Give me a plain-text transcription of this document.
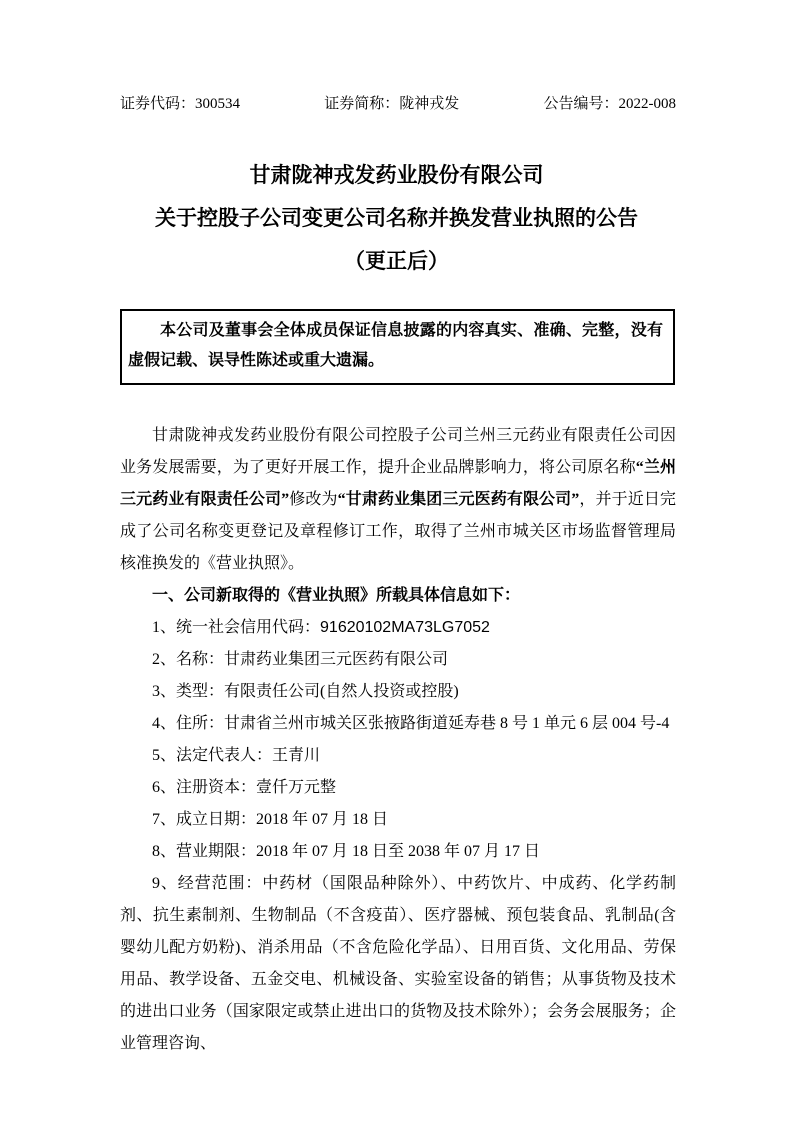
证券代码：300534	证券简称：陇神戎发	公告编号：2022-008
甘肃陇神戎发药业股份有限公司
关于控股子公司变更公司名称并换发营业执照的公告
（更正后）

本公司及董事会全体成员保证信息披露的内容真实、准确、完整，没有虚假记载、误导性陈述或重大遗漏。

甘肃陇神戎发药业股份有限公司控股子公司兰州三元药业有限责任公司因业务发展需要，为了更好开展工作，提升企业品牌影响力，将公司原名称“兰州三元药业有限责任公司”修改为“甘肃药业集团三元医药有限公司”，并于近日完成了公司名称变更登记及章程修订工作，取得了兰州市城关区市场监督管理局核准换发的《营业执照》。

一、公司新取得的《营业执照》所载具体信息如下：

1、统一社会信用代码：91620102MA73LG7052

2、名称：甘肃药业集团三元医药有限公司

3、类型：有限责任公司(自然人投资或控股)

4、住所：甘肃省兰州市城关区张掖路街道延寿巷 8 号 1 单元 6 层 004 号-4

5、法定代表人：王青川

6、注册资本：壹仟万元整

7、成立日期：2018 年 07 月 18 日

8、营业期限：2018 年 07 月 18 日至 2038 年 07 月 17 日

9、经营范围：中药材（国限品种除外）、中药饮片、中成药、化学药制剂、抗生素制剂、生物制品（不含疫苗）、医疗器械、预包装食品、乳制品(含婴幼儿配方奶粉)、消杀用品（不含危险化学品）、日用百货、文化用品、劳保用品、教学设备、五金交电、机械设备、实验室设备的销售；从事货物及技术的进出口业务（国家限定或禁止进出口的货物及技术除外）；会务会展服务；企业管理咨询、
